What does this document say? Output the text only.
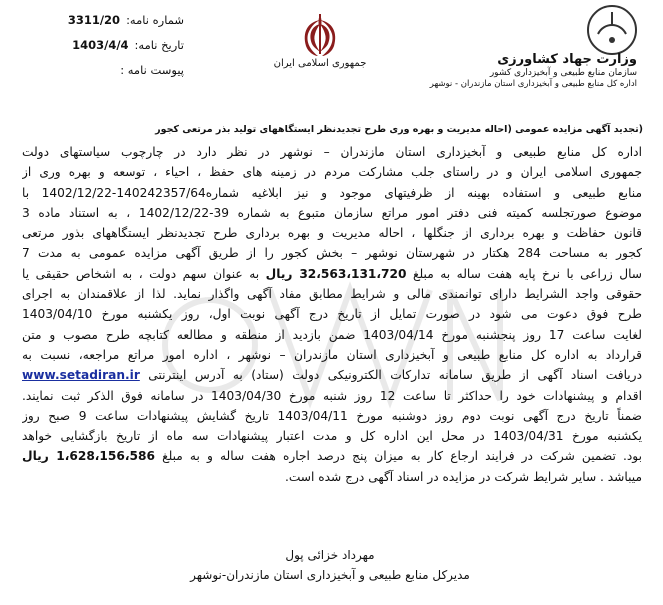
شماره نامه:
3311/20
تاریخ نامه:
1403/4/4
پیوست نامه :	جمهوری اسلامی ایران	وزارت جهاد کشاورزی
سازمان منابع طبیعی و آبخیزداری کشور
اداره کل منابع طبیعی و آبخیزداری استان مازندران - نوشهر
(تجدید آگهی مزایده عمومی (احاله مدیریت و بهره وری طرح تجدیدنظر ایستگاههای تولید بذر مرتعی کجور
اداره کل منابع طبیعی و آبخیزداری استان مازندران – نوشهر در نظر دارد در چارچوب سیاستهای دولت
جمهوری اسلامی ایران و در راستای جلب مشارکت مردم در زمینه های حفظ ، احیاء ، توسعه و بهره وری از
منابع طبیعی و استفاده بهینه از ظرفیتهای موجود و نیز ابلاغیه شماره140242357/64-1402/12/22 با
موضوع صورتجلسه کمیته فنی دفتر امور مراتع سازمان متبوع به شماره 39-1402/12/22 ، به استناد ماده 3
قانون حفاظت و بهره برداری از جنگلها ، احاله مدیریت و بهره برداری طرح تجدیدنظر ایستگاههای بذور مرتعی
کجور به مساحت 284 هکتار در شهرستان نوشهر – بخش کجور را از طریق آگهی مزایده عمومی به مدت 7
سال زراعی با نرخ پایه هفت ساله به مبلغ 32،563،131،720 ریال به عنوان سهم دولت ، به اشخاص حقیقی یا
حقوقی واجد الشرایط دارای توانمندی مالی و شرایط مطابق مفاد آگهی واگذار نماید. لذا از علاقمندان به اجرای
طرح فوق دعوت می شود در صورت تمایل از تاریخ درج آگهی نوبت اول، روز یکشنبه مورخ 1403/04/10
لغایت ساعت 17 روز پنجشنبه مورخ 1403/04/14 ضمن بازدید از منطقه و مطالعه کتابچه طرح مصوب و متن
قرارداد به اداره کل منابع طبیعی و آبخیزداری استان مازندران – نوشهر ، اداره امور مراتع مراجعه، نسبت به
دریافت اسناد آگهی از طریق سامانه تدارکات الکترونیکی دولت (ستاد) به آدرس اینترنتی www.setadiran.ir
اقدام و پیشنهادات خود را حداکثر تا ساعت 12 روز شنبه مورخ 1403/04/30 در سامانه فوق الذکر ثبت نمایند.
ضمناً تاریخ درج آگهی نوبت دوم روز دوشنبه مورخ 1403/04/11 تاریخ گشایش پیشنهادات ساعت 9 صبح روز
یکشنبه مورخ 1403/04/31 در محل این اداره کل و مدت اعتبار پیشنهادات سه ماه از تاریخ بازگشایی خواهد
بود. تضمین شرکت در فرایند ارجاع کار به میزان پنج درصد اجاره هفت ساله و به مبلغ 1،628،156،586 ریال
میباشد . سایر شرایط شرکت در مزایده در اسناد آگهی درج شده است.
مهرداد خزائی پول
مدیرکل منابع طبیعی و آبخیزداری استان مازندران-نوشهر
